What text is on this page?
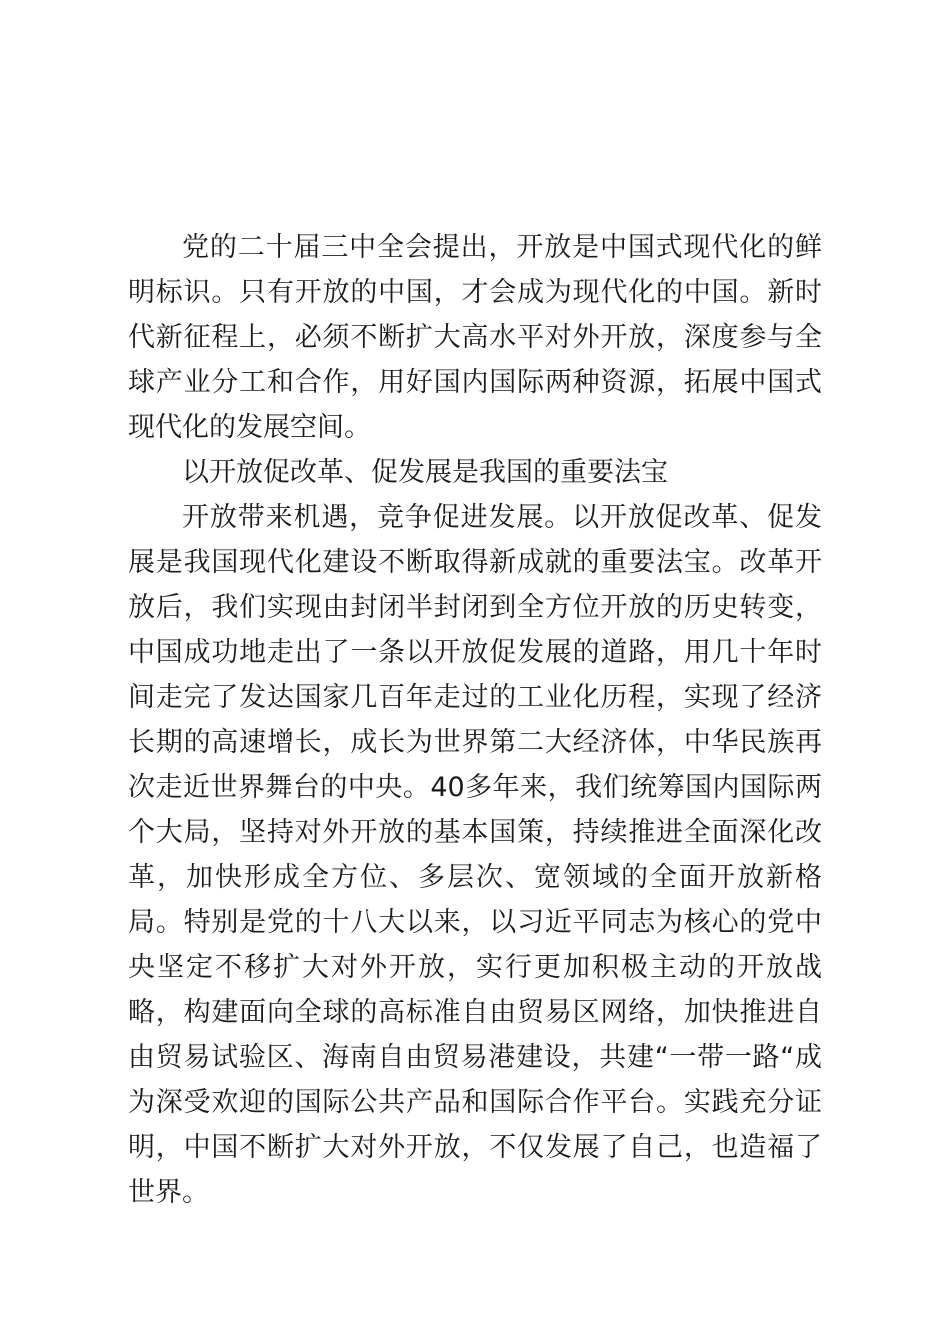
党的二十届三中全会提出，开放是中国式现代化的鲜明标识。只有开放的中国，才会成为现代化的中国。新时代新征程上，必须不断扩大高水平对外开放，深度参与全球产业分工和合作，用好国内国际两种资源，拓展中国式现代化的发展空间。

以开放促改革、促发展是我国的重要法宝

开放带来机遇，竞争促进发展。以开放促改革、促发展是我国现代化建设不断取得新成就的重要法宝。改革开放后，我们实现由封闭半封闭到全方位开放的历史转变，中国成功地走出了一条以开放促发展的道路，用几十年时间走完了发达国家几百年走过的工业化历程，实现了经济长期的高速增长，成长为世界第二大经济体，中华民族再次走近世界舞台的中央。40多年来，我们统筹国内国际两个大局，坚持对外开放的基本国策，持续推进全面深化改革，加快形成全方位、多层次、宽领域的全面开放新格局。特别是党的十八大以来，以习近平同志为核心的党中央坚定不移扩大对外开放，实行更加积极主动的开放战略，构建面向全球的高标准自由贸易区网络，加快推进自由贸易试验区、海南自由贸易港建设，共建“一带一路“成为深受欢迎的国际公共产品和国际合作平台。实践充分证明，中国不断扩大对外开放，不仅发展了自己，也造福了世界。
